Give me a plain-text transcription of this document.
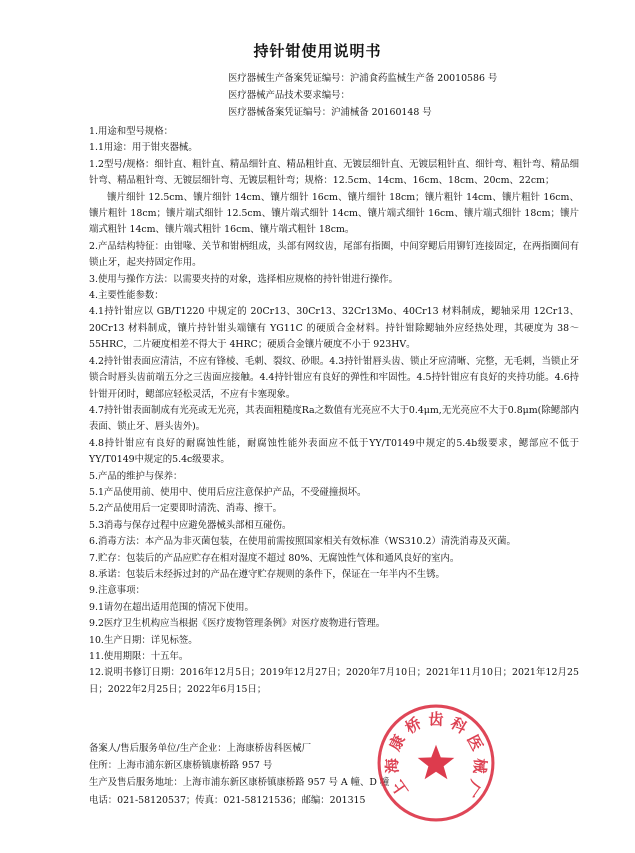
持针钳使用说明书
医疗器械生产备案凭证编号：沪浦食药监械生产备 20010586 号
医疗器械产品技术要求编号：
医疗器械备案凭证编号：沪浦械备 20160148 号

1.用途和型号规格：

1.1用途：用于钳夹器械。

1.2型号/规格：细针直、粗针直、精品细针直、精品粗针直、无镀层细针直、无镀层粗针直、细针弯、粗针弯、精品细针弯、精品粗针弯、无镀层细针弯、无镀层粗针弯；规格：12.5cm、14cm、16cm、18cm、20cm、22cm；

镶片细针 12.5cm、镶片细针 14cm、镶片细针 16cm、镶片细针 18cm；镶片粗针 14cm、镶片粗针 16cm、镶片粗针 18cm；镶片端式细针 12.5cm、镶片端式细针 14cm、镶片端式细针 16cm、镶片端式细针 18cm；镶片端式粗针 14cm、镶片端式粗针 16cm、镶片端式粗针 18cm。

2.产品结构特征：由钳喙、关节和钳柄组成，头部有网纹齿，尾部有指圈，中间穿鳃后用铆钉连接固定，在两指圈间有锁止牙，起夹持固定作用。

3.使用与操作方法：以需要夹持的对象，选择相应规格的持针钳进行操作。

4.主要性能参数：

4.1持针钳应以 GB/T1220 中规定的 20Cr13、30Cr13、32Cr13Mo、40Cr13 材料制成，鳃轴采用 12Cr13、20Cr13 材料制成，镶片持针钳头端镶有 YG11C 的硬质合金材料。持针钳除鳃轴外应经热处理，其硬度为 38～55HRC，二片硬度相差不得大于 4HRC；硬质合金镶片硬度不小于 923HV。

4.2持针钳表面应清洁，不应有锋棱、毛刺、裂纹、砂眼。4.3持针钳唇头齿、锁止牙应清晰、完整，无毛刺，当锁止牙锁合时唇头齿前端五分之三齿面应接触。4.4持针钳应有良好的弹性和牢固性。4.5持针钳应有良好的夹持功能。4.6持针钳开闭时，鳃部应轻松灵活，不应有卡塞现象。

4.7持针钳表面制成有光亮或无光亮，其表面粗糙度Ra之数值有光亮应不大于0.4μm,无光亮应不大于0.8μm(除鳃部内表面、锁止牙、唇头齿外)。

4.8持针钳应有良好的耐腐蚀性能，耐腐蚀性能外表面应不低于YY/T0149中规定的5.4b级要求，鳃部应不低于YY/T0149中规定的5.4c级要求。

5.产品的维护与保养：

5.1产品使用前、使用中、使用后应注意保护产品，不受碰撞损坏。

5.2产品使用后一定要即时清洗、消毒、擦干。

5.3消毒与保存过程中应避免器械头部相互碰伤。

6.消毒方法：本产品为非灭菌包装，在使用前需按照国家相关有效标准（WS310.2）清洗消毒及灭菌。

7.贮存：包装后的产品应贮存在相对湿度不超过 80%、无腐蚀性气体和通风良好的室内。

8.承诺：包装后未经拆过封的产品在遵守贮存规则的条件下，保证在一年半内不生锈。

9.注意事项：

9.1请勿在超出适用范围的情况下使用。

9.2医疗卫生机构应当根据《医疗废物管理条例》对医疗废物进行管理。

10.生产日期：详见标签。

11.使用期限：十五年。

12.说明书修订日期：2016年12月5日；2019年12月27日；2020年7月10日；2021年11月10日；2021年12月25日；2022年2月25日；2022年6月15日；

备案人/售后服务单位/生产企业：上海康桥齿科医械厂
住所：上海市浦东新区康桥镇康桥路 957 号
生产及售后服务地址：上海市浦东新区康桥镇康桥路 957 号 A 幢、D 幢
电话：021-58120537；传真：021-58121536；邮编：201315
上
海
康
桥 齿 科
医
械
厂
